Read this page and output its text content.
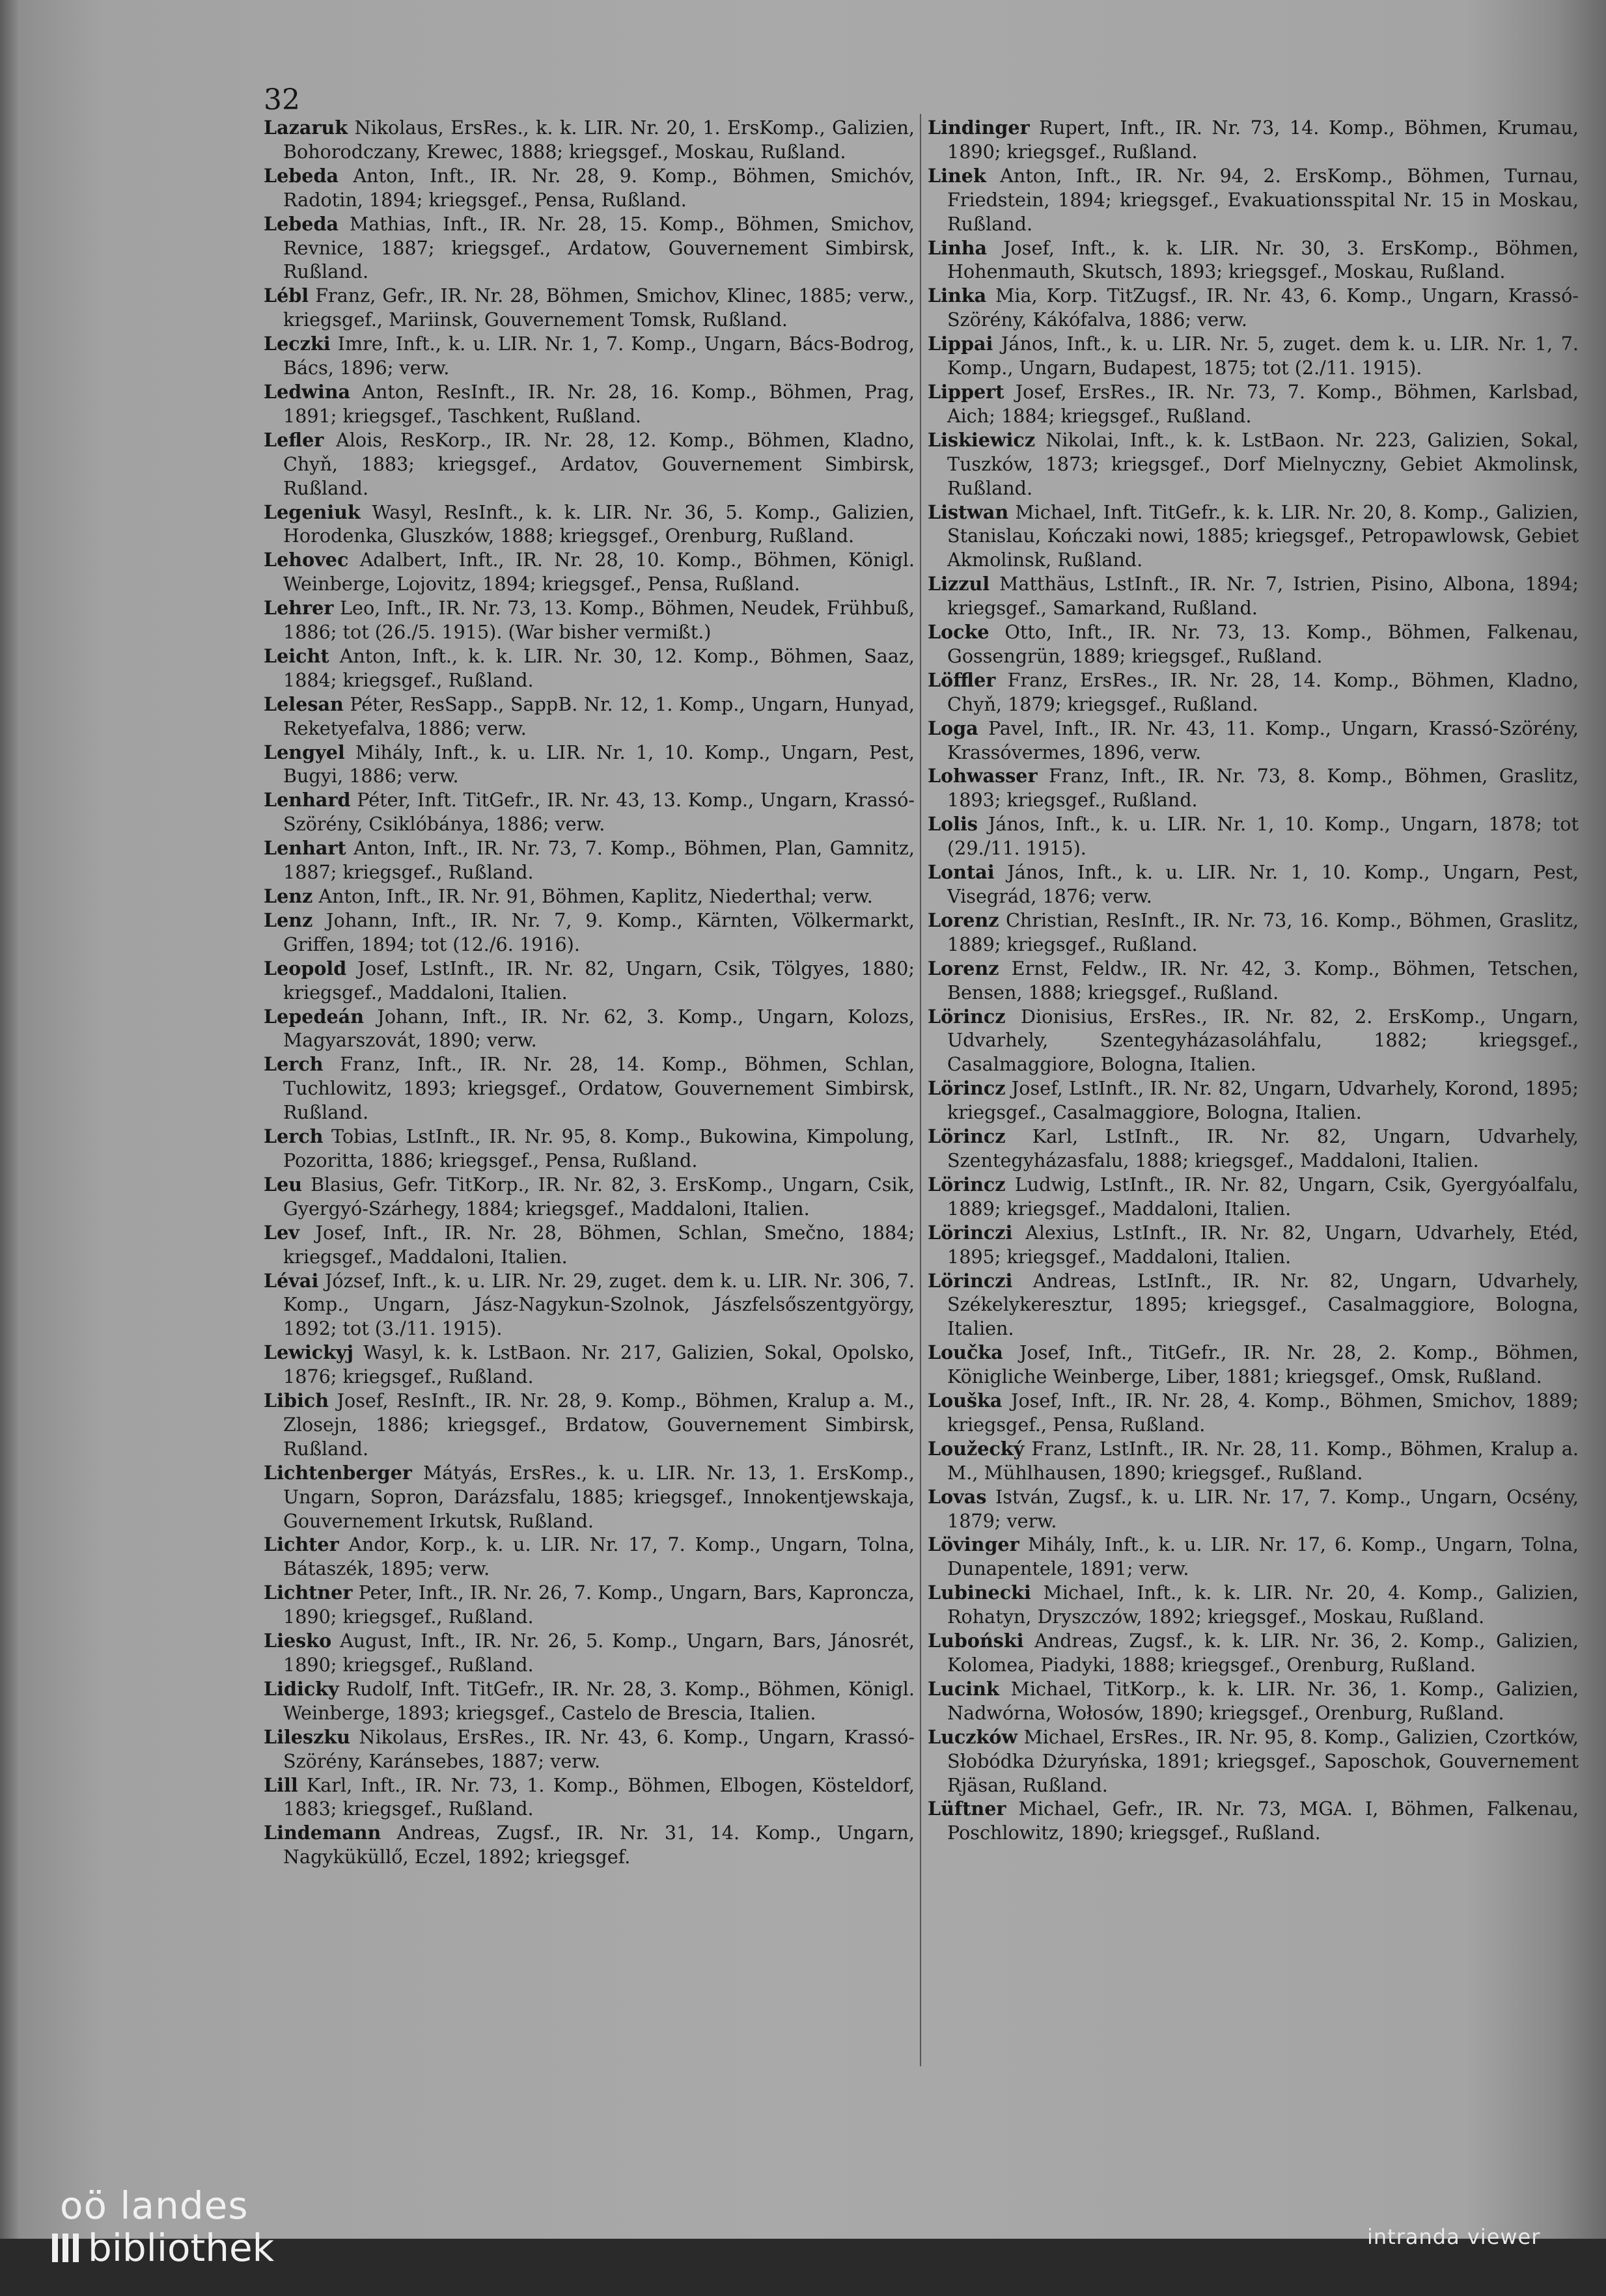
32

Lazaruk Nikolaus, ErsRes., k. k. LIR. Nr. 20, 1. ErsKomp., Galizien, Bohorodczany, Krewec, 1888; kriegsgef., Moskau, Rußland.

Lebeda Anton, Inft., IR. Nr. 28, 9. Komp., Böhmen, Smichóv, Radotin, 1894; kriegsgef., Pensa, Rußland.

Lebeda Mathias, Inft., IR. Nr. 28, 15. Komp., Böhmen, Smichov, Revnice, 1887; kriegsgef., Ardatow, Gouvernement Simbirsk, Rußland.

Lébl Franz, Gefr., IR. Nr. 28, Böhmen, Smichov, Klinec, 1885; verw., kriegsgef., Mariinsk, Gouvernement Tomsk, Rußland.

Leczki Imre, Inft., k. u. LIR. Nr. 1, 7. Komp., Ungarn, Bács-Bodrog, Bács, 1896; verw.

Ledwina Anton, ResInft., IR. Nr. 28, 16. Komp., Böhmen, Prag, 1891; kriegsgef., Taschkent, Rußland.

Lefler Alois, ResKorp., IR. Nr. 28, 12. Komp., Böhmen, Kladno, Chyň, 1883; kriegsgef., Ardatov, Gouvernement Simbirsk, Rußland.

Legeniuk Wasyl, ResInft., k. k. LIR. Nr. 36, 5. Komp., Galizien, Horodenka, Gluszków, 1888; kriegsgef., Orenburg, Rußland.

Lehovec Adalbert, Inft., IR. Nr. 28, 10. Komp., Böhmen, Königl. Weinberge, Lojovitz, 1894; kriegsgef., Pensa, Rußland.

Lehrer Leo, Inft., IR. Nr. 73, 13. Komp., Böhmen, Neudek, Frühbuß, 1886; tot (26./5. 1915). (War bisher vermißt.)

Leicht Anton, Inft., k. k. LIR. Nr. 30, 12. Komp., Böhmen, Saaz, 1884; kriegsgef., Rußland.

Lelesan Péter, ResSapp., SappB. Nr. 12, 1. Komp., Ungarn, Hunyad, Reketyefalva, 1886; verw.

Lengyel Mihály, Inft., k. u. LIR. Nr. 1, 10. Komp., Ungarn, Pest, Bugyi, 1886; verw.

Lenhard Péter, Inft. TitGefr., IR. Nr. 43, 13. Komp., Ungarn, Krassó-Szörény, Csiklóbánya, 1886; verw.

Lenhart Anton, Inft., IR. Nr. 73, 7. Komp., Böhmen, Plan, Gamnitz, 1887; kriegsgef., Rußland.

Lenz Anton, Inft., IR. Nr. 91, Böhmen, Kaplitz, Niederthal; verw.

Lenz Johann, Inft., IR. Nr. 7, 9. Komp., Kärnten, Völkermarkt, Griffen, 1894; tot (12./6. 1916).

Leopold Josef, LstInft., IR. Nr. 82, Ungarn, Csik, Tölgyes, 1880; kriegsgef., Maddaloni, Italien.

Lepedeán Johann, Inft., IR. Nr. 62, 3. Komp., Ungarn, Kolozs, Magyarszovát, 1890; verw.

Lerch Franz, Inft., IR. Nr. 28, 14. Komp., Böhmen, Schlan, Tuchlowitz, 1893; kriegsgef., Ordatow, Gouvernement Simbirsk, Rußland.

Lerch Tobias, LstInft., IR. Nr. 95, 8. Komp., Bukowina, Kimpolung, Pozoritta, 1886; kriegsgef., Pensa, Rußland.

Leu Blasius, Gefr. TitKorp., IR. Nr. 82, 3. ErsKomp., Ungarn, Csik, Gyergyó-Szárhegy, 1884; kriegsgef., Maddaloni, Italien.

Lev Josef, Inft., IR. Nr. 28, Böhmen, Schlan, Smečno, 1884; kriegsgef., Maddaloni, Italien.

Lévai József, Inft., k. u. LIR. Nr. 29, zuget. dem k. u. LIR. Nr. 306, 7. Komp., Ungarn, Jász-Nagykun-Szolnok, Jászfelsőszentgyörgy, 1892; tot (3./11. 1915).

Lewickyj Wasyl, k. k. LstBaon. Nr. 217, Galizien, Sokal, Opolsko, 1876; kriegsgef., Rußland.

Libich Josef, ResInft., IR. Nr. 28, 9. Komp., Böhmen, Kralup a. M., Zlosejn, 1886; kriegsgef., Brdatow, Gouvernement Simbirsk, Rußland.

Lichtenberger Mátyás, ErsRes., k. u. LIR. Nr. 13, 1. ErsKomp., Ungarn, Sopron, Darázsfalu, 1885; kriegsgef., Innokentjewskaja, Gouvernement Irkutsk, Rußland.

Lichter Andor, Korp., k. u. LIR. Nr. 17, 7. Komp., Ungarn, Tolna, Bátaszék, 1895; verw.

Lichtner Peter, Inft., IR. Nr. 26, 7. Komp., Ungarn, Bars, Kaproncza, 1890; kriegsgef., Rußland.

Liesko August, Inft., IR. Nr. 26, 5. Komp., Ungarn, Bars, Jánosrét, 1890; kriegsgef., Rußland.

Lidicky Rudolf, Inft. TitGefr., IR. Nr. 28, 3. Komp., Böhmen, Königl. Weinberge, 1893; kriegsgef., Castelo de Brescia, Italien.

Lileszku Nikolaus, ErsRes., IR. Nr. 43, 6. Komp., Ungarn, Krassó-Szörény, Karánsebes, 1887; verw.

Lill Karl, Inft., IR. Nr. 73, 1. Komp., Böhmen, Elbogen, Kösteldorf, 1883; kriegsgef., Rußland.

Lindemann Andreas, Zugsf., IR. Nr. 31, 14. Komp., Ungarn, Nagyküküllő, Eczel, 1892; kriegsgef.

Lindinger Rupert, Inft., IR. Nr. 73, 14. Komp., Böhmen, Krumau, 1890; kriegsgef., Rußland.

Linek Anton, Inft., IR. Nr. 94, 2. ErsKomp., Böhmen, Turnau, Friedstein, 1894; kriegsgef., Evakuationsspital Nr. 15 in Moskau, Rußland.

Linha Josef, Inft., k. k. LIR. Nr. 30, 3. ErsKomp., Böhmen, Hohenmauth, Skutsch, 1893; kriegsgef., Moskau, Rußland.

Linka Mia, Korp. TitZugsf., IR. Nr. 43, 6. Komp., Ungarn, Krassó-Szörény, Kákófalva, 1886; verw.

Lippai János, Inft., k. u. LIR. Nr. 5, zuget. dem k. u. LIR. Nr. 1, 7. Komp., Ungarn, Budapest, 1875; tot (2./11. 1915).

Lippert Josef, ErsRes., IR. Nr. 73, 7. Komp., Böhmen, Karlsbad, Aich; 1884; kriegsgef., Rußland.

Liskiewicz Nikolai, Inft., k. k. LstBaon. Nr. 223, Galizien, Sokal, Tuszków, 1873; kriegsgef., Dorf Mielnyczny, Gebiet Akmolinsk, Rußland.

Listwan Michael, Inft. TitGefr., k. k. LIR. Nr. 20, 8. Komp., Galizien, Stanislau, Kończaki nowi, 1885; kriegsgef., Petropawlowsk, Gebiet Akmolinsk, Rußland.

Lizzul Matthäus, LstInft., IR. Nr. 7, Istrien, Pisino, Albona, 1894; kriegsgef., Samarkand, Rußland.

Locke Otto, Inft., IR. Nr. 73, 13. Komp., Böhmen, Falkenau, Gossengrün, 1889; kriegsgef., Rußland.

Löffler Franz, ErsRes., IR. Nr. 28, 14. Komp., Böhmen, Kladno, Chyň, 1879; kriegsgef., Rußland.

Loga Pavel, Inft., IR. Nr. 43, 11. Komp., Ungarn, Krassó-Szörény, Krassóvermes, 1896, verw.

Lohwasser Franz, Inft., IR. Nr. 73, 8. Komp., Böhmen, Graslitz, 1893; kriegsgef., Rußland.

Lolis János, Inft., k. u. LIR. Nr. 1, 10. Komp., Ungarn, 1878; tot (29./11. 1915).

Lontai János, Inft., k. u. LIR. Nr. 1, 10. Komp., Ungarn, Pest, Visegrád, 1876; verw.

Lorenz Christian, ResInft., IR. Nr. 73, 16. Komp., Böhmen, Graslitz, 1889; kriegsgef., Rußland.

Lorenz Ernst, Feldw., IR. Nr. 42, 3. Komp., Böhmen, Tetschen, Bensen, 1888; kriegsgef., Rußland.

Lörincz Dionisius, ErsRes., IR. Nr. 82, 2. ErsKomp., Ungarn, Udvarhely, Szentegyházasoláhfalu, 1882; kriegsgef., Casalmaggiore, Bologna, Italien.

Lörincz Josef, LstInft., IR. Nr. 82, Ungarn, Udvarhely, Korond, 1895; kriegsgef., Casalmaggiore, Bologna, Italien.

Lörincz Karl, LstInft., IR. Nr. 82, Ungarn, Udvarhely, Szentegyházasfalu, 1888; kriegsgef., Maddaloni, Italien.

Lörincz Ludwig, LstInft., IR. Nr. 82, Ungarn, Csik, Gyergyóalfalu, 1889; kriegsgef., Maddaloni, Italien.

Lörinczi Alexius, LstInft., IR. Nr. 82, Ungarn, Udvarhely, Etéd, 1895; kriegsgef., Maddaloni, Italien.

Lörinczi Andreas, LstInft., IR. Nr. 82, Ungarn, Udvarhely, Székelykeresztur, 1895; kriegsgef., Casalmaggiore, Bologna, Italien.

Loučka Josef, Inft., TitGefr., IR. Nr. 28, 2. Komp., Böhmen, Königliche Weinberge, Liber, 1881; kriegsgef., Omsk, Rußland.

Louška Josef, Inft., IR. Nr. 28, 4. Komp., Böhmen, Smichov, 1889; kriegsgef., Pensa, Rußland.

Loužecký Franz, LstInft., IR. Nr. 28, 11. Komp., Böhmen, Kralup a. M., Mühlhausen, 1890; kriegsgef., Rußland.

Lovas István, Zugsf., k. u. LIR. Nr. 17, 7. Komp., Ungarn, Ocsény, 1879; verw.

Lövinger Mihály, Inft., k. u. LIR. Nr. 17, 6. Komp., Ungarn, Tolna, Dunapentele, 1891; verw.

Lubinecki Michael, Inft., k. k. LIR. Nr. 20, 4. Komp., Galizien, Rohatyn, Dryszczów, 1892; kriegsgef., Moskau, Rußland.

Luboński Andreas, Zugsf., k. k. LIR. Nr. 36, 2. Komp., Galizien, Kolomea, Piadyki, 1888; kriegsgef., Orenburg, Rußland.

Lucink Michael, TitKorp., k. k. LIR. Nr. 36, 1. Komp., Galizien, Nadwórna, Wołosów, 1890; kriegsgef., Orenburg, Rußland.

Luczków Michael, ErsRes., IR. Nr. 95, 8. Komp., Galizien, Czortków, Słobódka Dżuryńska, 1891; kriegsgef., Saposchok, Gouvernement Rjäsan, Rußland.

Lüftner Michael, Gefr., IR. Nr. 73, MGA. I, Böhmen, Falkenau, Poschlowitz, 1890; kriegsgef., Rußland.

oö landes
bibliothek	intranda viewer
